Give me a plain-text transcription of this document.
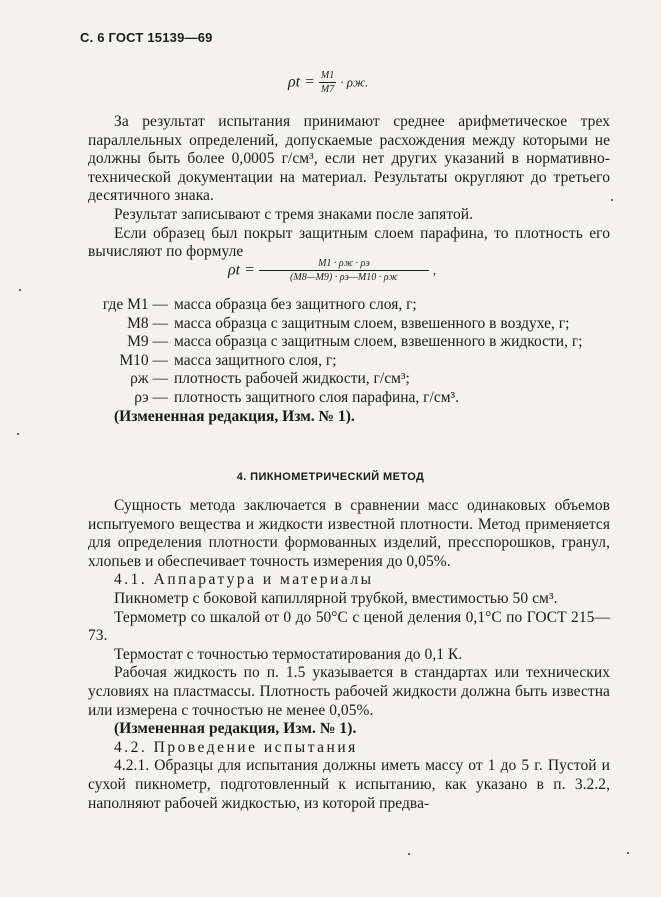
С. 6 ГОСТ 15139—69
$\rho t = \frac{M1}{M7} \cdot \rho ж$.

За результат испытания принимают среднее арифметическое трех параллельных определений, допускаемые расхождения между которыми не должны быть более 0,0005 г/см³, если нет других указаний в нормативно-технической документации на материал. Результаты округляют до третьего десятичного знака.

Результат записывают с тремя знаками после запятой.

Если образец был покрыт защитным слоем парафина, то плотность его вычисляют по формуле

$\rho t = \frac{M1 \cdot \rho ж \cdot \rho э}{(M8—M9) \cdot \rho э—M10 \cdot \rho ж}$ ,
где M1 — масса образца без защитного слоя, г;
M8 — масса образца с защитным слоем, взвешенного в воздухе, г;
M9 — масса образца с защитным слоем, взвешенного в жидкости, г;
M10 — масса защитного слоя, г;
ρж — плотность рабочей жидкости, г/см³;
ρэ — плотность защитного слоя парафина, г/см³.

(Измененная редакция, Изм. № 1).

4. ПИКНОМЕТРИЧЕСКИЙ МЕТОД

Сущность метода заключается в сравнении масс одинаковых объемов испытуемого вещества и жидкости известной плотности. Метод применяется для определения плотности формованных изделий, пресспорошков, гранул, хлопьев и обеспечивает точность измерения до 0,05%.

4.1. Аппаратура и материалы

Пикнометр с боковой капиллярной трубкой, вместимостью 50 см³.

Термометр со шкалой от 0 до 50°С с ценой деления 0,1°С по ГОСТ 215—73.

Термостат с точностью термостатирования до 0,1 К.

Рабочая жидкость по п. 1.5 указывается в стандартах или технических условиях на пластмассы. Плотность рабочей жидкости должна быть известна или измерена с точностью не менее 0,05%.

(Измененная редакция, Изм. № 1).

4.2. Проведение испытания

4.2.1. Образцы для испытания должны иметь массу от 1 до 5 г. Пустой и сухой пикнометр, подготовленный к испытанию, как указано в п. 3.2.2, наполняют рабочей жидкостью, из которой предва-
